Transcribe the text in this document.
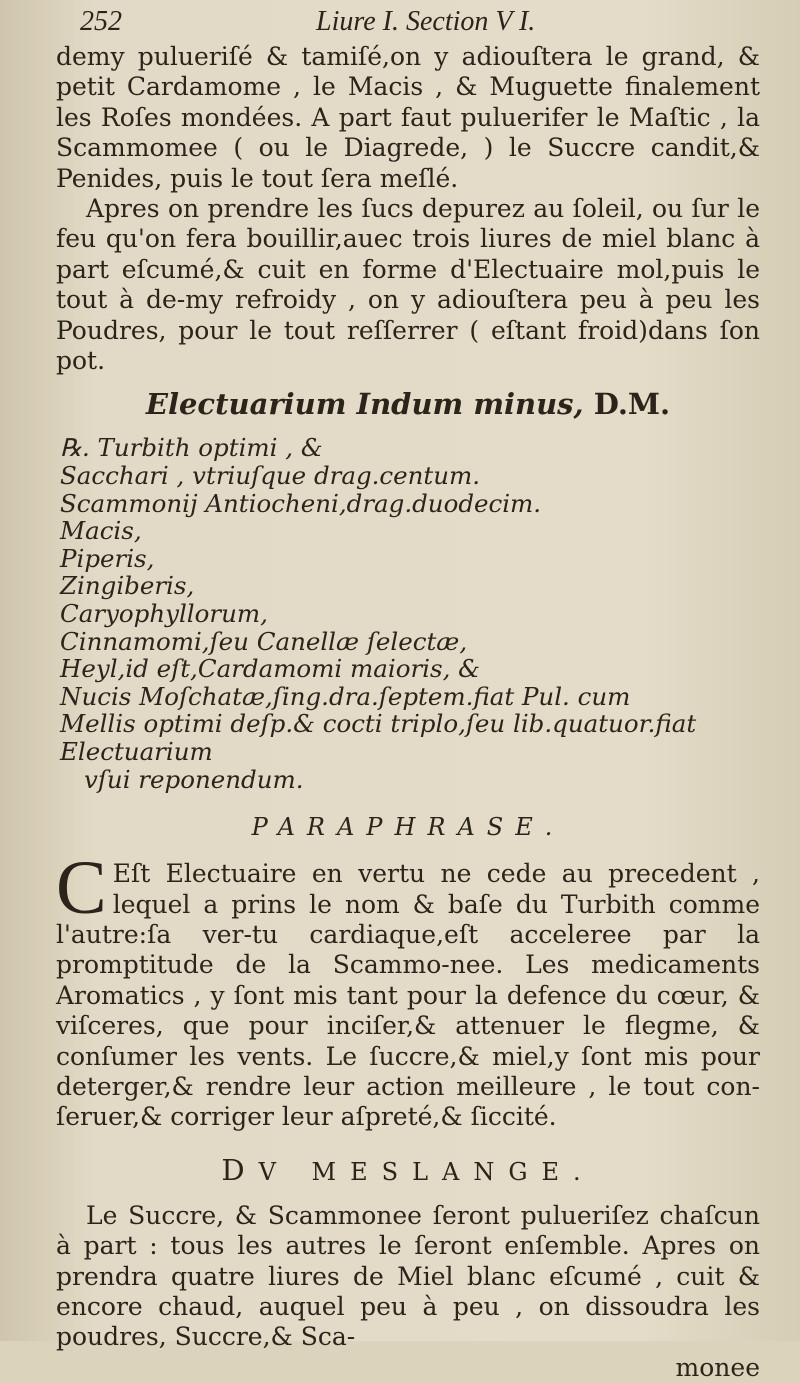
252	Liure I. Section V I.

demy pulueriſé & tamiſé,on y adiouſtera le grand, & petit Cardamome , le Macis , & Muguette finalement les Roſes mondées. A part faut puluerifer le Maſtic , la Scammomee ( ou le Diagrede, ) le Succre candit,& Penides, puis le tout ſera meſlé.

Apres on prendre les ſucs depurez au ſoleil, ou ſur le feu qu'on fera bouillir,auec trois liures de miel blanc à part eſcumé,& cuit en forme d'Electuaire mol,puis le tout à de-my refroidy , on y adiouſtera peu à peu les Poudres, pour le tout reſſerrer ( eſtant froid)dans ſon pot.

Electuarium Indum minus, D.M.
℞. Turbith optimi , &
Sacchari , vtriuſque drag.centum.
Scammonij Antiocheni,drag.duodecim.
Macis,
Piperis,
Zingiberis,
Caryophyllorum,
Cinnamomi,ſeu Canellæ ſelectæ,
Heyl,id eſt,Cardamomi maioris, &
Nucis Moſchatæ,ſing.dra.ſeptem.fiat Pul. cum
Mellis optimi deſp.& cocti triplo,ſeu lib.quatuor.fiat Electuarium
vſui reponendum.
PARAPHRASE.

C Eſt Electuaire en vertu ne cede au precedent , lequel a prins le nom & baſe du Turbith comme l'autre:ſa ver-tu cardiaque,eſt acceleree par la promptitude de la Scammo-nee. Les medicaments Aromatics , y ſont mis tant pour la defence du cœur, & viſceres, que pour inciſer,& attenuer le flegme, & conſumer les vents. Le ſuccre,& miel,y ſont mis pour deterger,& rendre leur action meilleure , le tout con-ſeruer,& corriger leur aſpreté,& ſiccité.

DV MESLANGE.

Le Succre, & Scammonee ſeront pulueriſez chaſcun à part : tous les autres le ſeront enſemble. Apres on prendra quatre liures de Miel blanc eſcumé , cuit & encore chaud, auquel peu à peu , on dissoudra les poudres, Succre,& Sca-

monee
